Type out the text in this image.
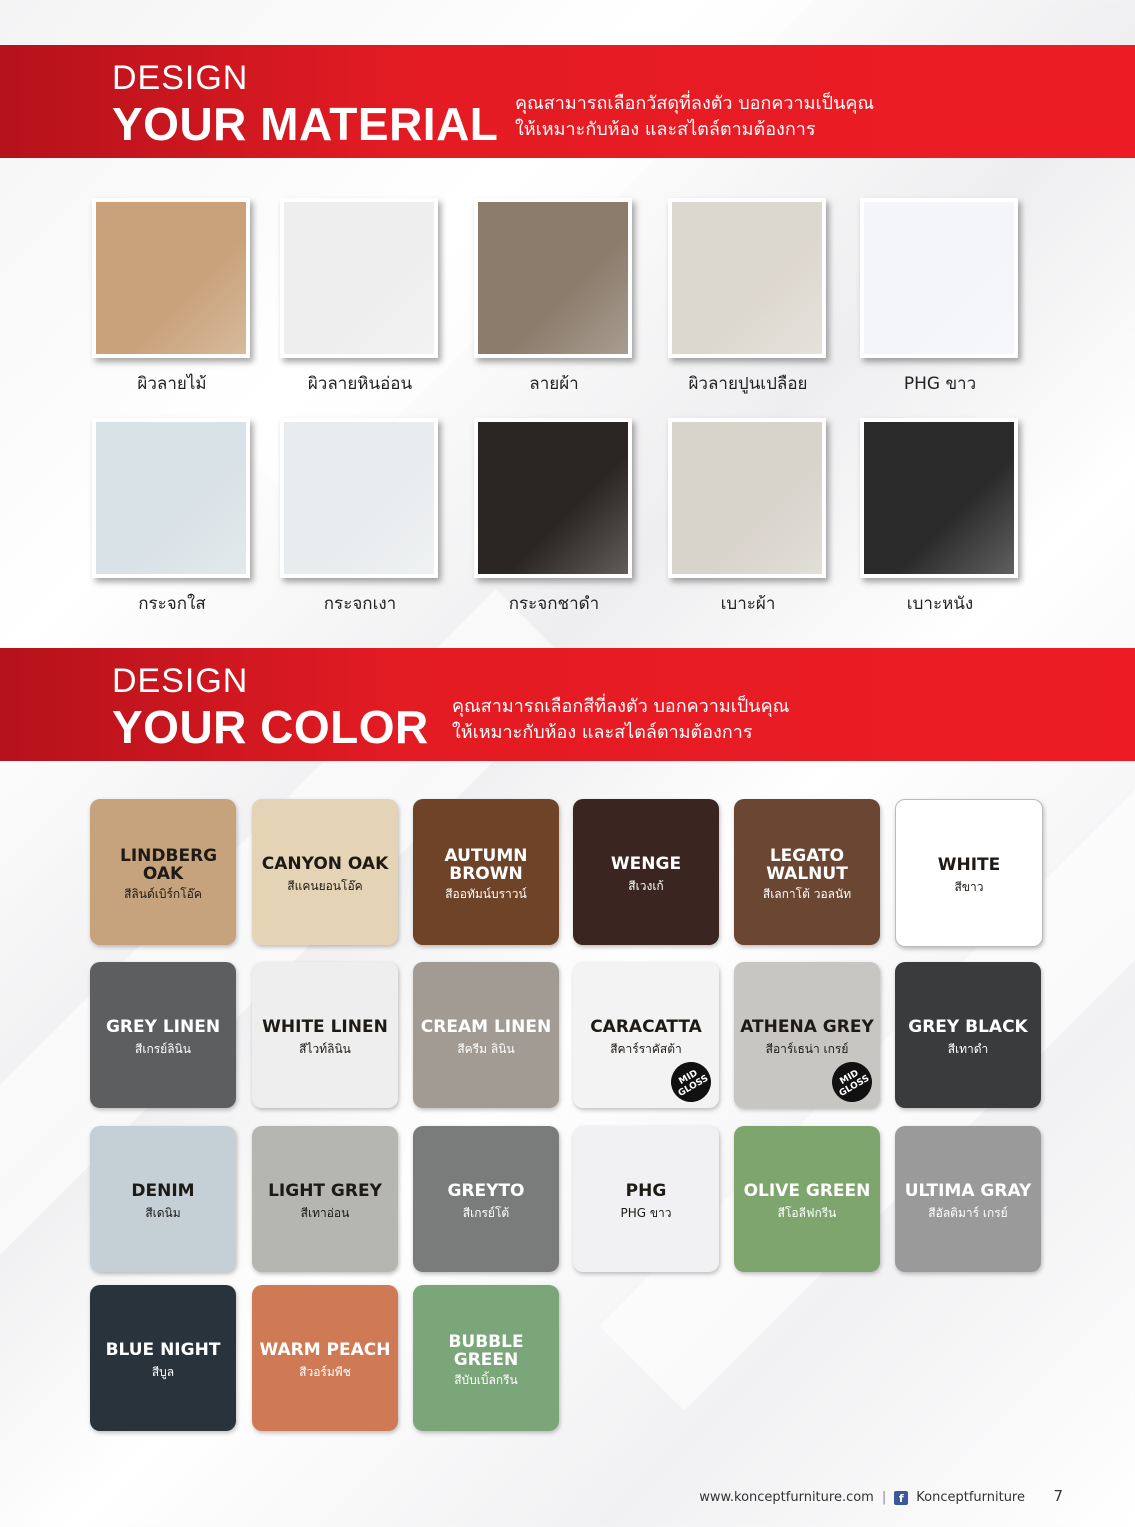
DESIGN
YOUR MATERIAL คุณสามารถเลือกวัสดุที่ลงตัว บอกความเป็นคุณ
ให้เหมาะกับห้อง และสไตล์ตามต้องการ
ผิวลายไม้	ผิวลายหินอ่อน	ลายผ้า	ผิวลายปูนเปลือย	PHG ขาว
กระจกใส	กระจกเงา	กระจกชาดำ	เบาะผ้า	เบาะหนัง
DESIGN
YOUR COLOR คุณสามารถเลือกสีที่ลงตัว บอกความเป็นคุณ
ให้เหมาะกับห้อง และสไตล์ตามต้องการ
LINDBERG OAK
สีลินด์เบิร์กโอ๊ค
CANYON OAK
สีแคนยอนโอ๊ค
AUTUMN BROWN
สีออทัมน์บราวน์
WENGE
สีเวงเก้
LEGATO WALNUT
สีเลกาโต้ วอลนัท
WHITE
สีขาว
GREY LINEN
สีเกรย์ลินิน
WHITE LINEN
สีไวท์ลินิน
CREAM LINEN
สีครีม ลินิน
CARACATTA
สีคาร์ราคัสต้า
MID GLOSS
ATHENA GREY
สีอาร์เธน่า เกรย์
MID GLOSS
GREY BLACK
สีเทาดำ
DENIM
สีเดนิม
LIGHT GREY
สีเทาอ่อน
GREYTO
สีเกรย์โต้
PHG
PHG ขาว
OLIVE GREEN
สีโอลีฟกรีน
ULTIMA GRAY
สีอัลติมาร์ เกรย์
BLUE NIGHT
สีบูล
WARM PEACH
สีวอร์มพีช
BUBBLE GREEN
สีบับเบิ้ลกรีน
www.konceptfurniture.com |	f Konceptfurniture 7
